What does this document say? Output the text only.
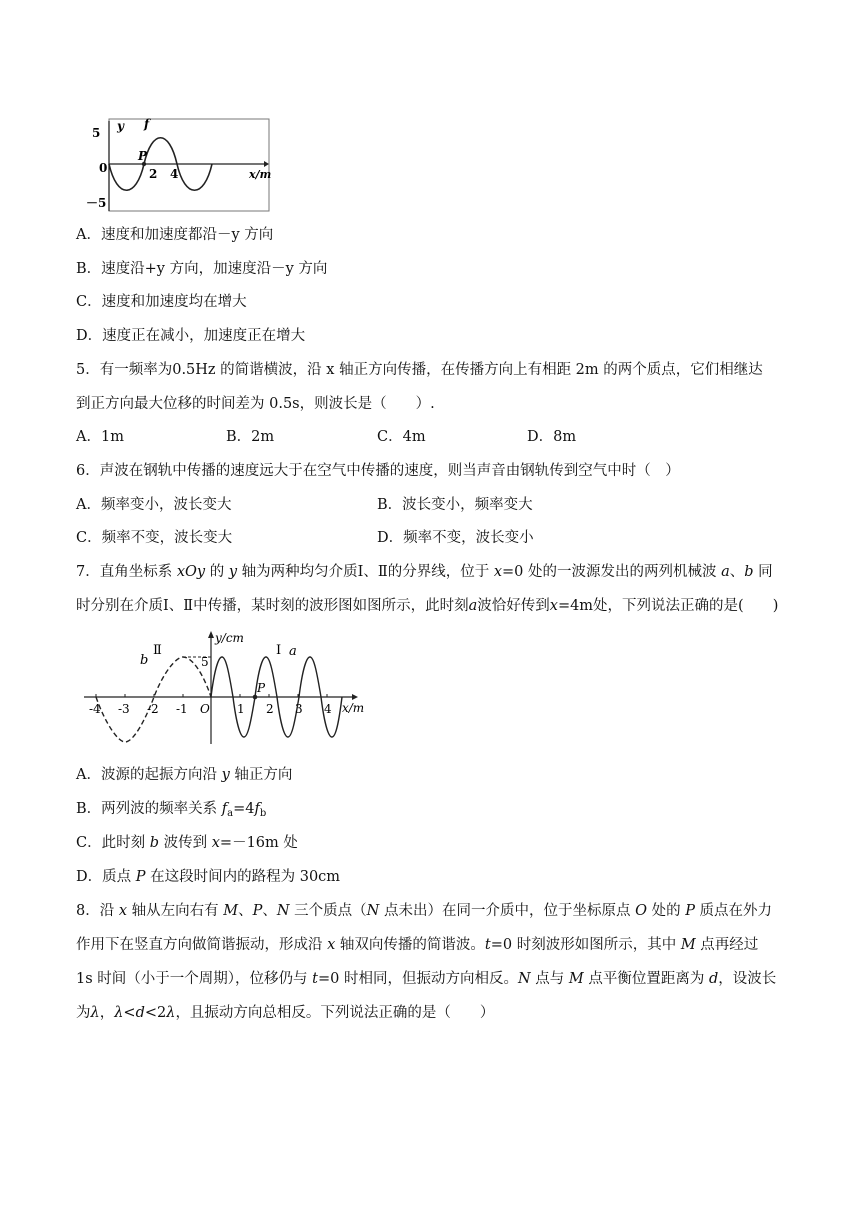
5 y f
0
P
2 4	x/m
－5
A．速度和加速度都沿－y 方向
B．速度沿+y 方向，加速度沿－y 方向
C．速度和加速度均在增大
D．速度正在减小，加速度正在增大
5．有一频率为0.5Hz 的简谐横波，沿 x 轴正方向传播，在传播方向上有相距 2m 的两个质点，它们相继达
到正方向最大位移的时间差为 0.5s，则波长是（　　）.
A．1m	B．2m	C．4m	D．8m
6．声波在钢轨中传播的速度远大于在空气中传播的速度，则当声音由钢轨传到空气中时（　）
A．频率变小，波长变大	B．波长变小，频率变大
C．频率不变，波长变大	D．频率不变，波长变小
7．直角坐标系 xOy 的 y 轴为两种均匀介质Ⅰ、Ⅱ的分界线，位于 x=0 处的一波源发出的两列机械波 a、b 同
时分别在介质Ⅰ、Ⅱ中传播，某时刻的波形图如图所示，此时刻a波恰好传到x=4m处，下列说法正确的是(　　)
Ⅱ
b
y/cm
Ⅰ a
5
P
O	x/m
-4 -3 -2 -1	1 2 3 4
A．波源的起振方向沿 y 轴正方向
B．两列波的频率关系 $f_a=4f_b$
C．此时刻 b 波传到 x=－16m 处
D．质点 P 在这段时间内的路程为 30cm
8．沿 x 轴从左向右有 M、P、N 三个质点（N 点未出）在同一介质中，位于坐标原点 O 处的 P 质点在外力
作用下在竖直方向做简谐振动，形成沿 x 轴双向传播的简谐波。t=0 时刻波形如图所示，其中 M 点再经过
1s 时间（小于一个周期），位移仍与 t=0 时相同，但振动方向相反。N 点与 M 点平衡位置距离为 d，设波长
为λ，λ<d<2λ，且振动方向总相反。下列说法正确的是（　　）
